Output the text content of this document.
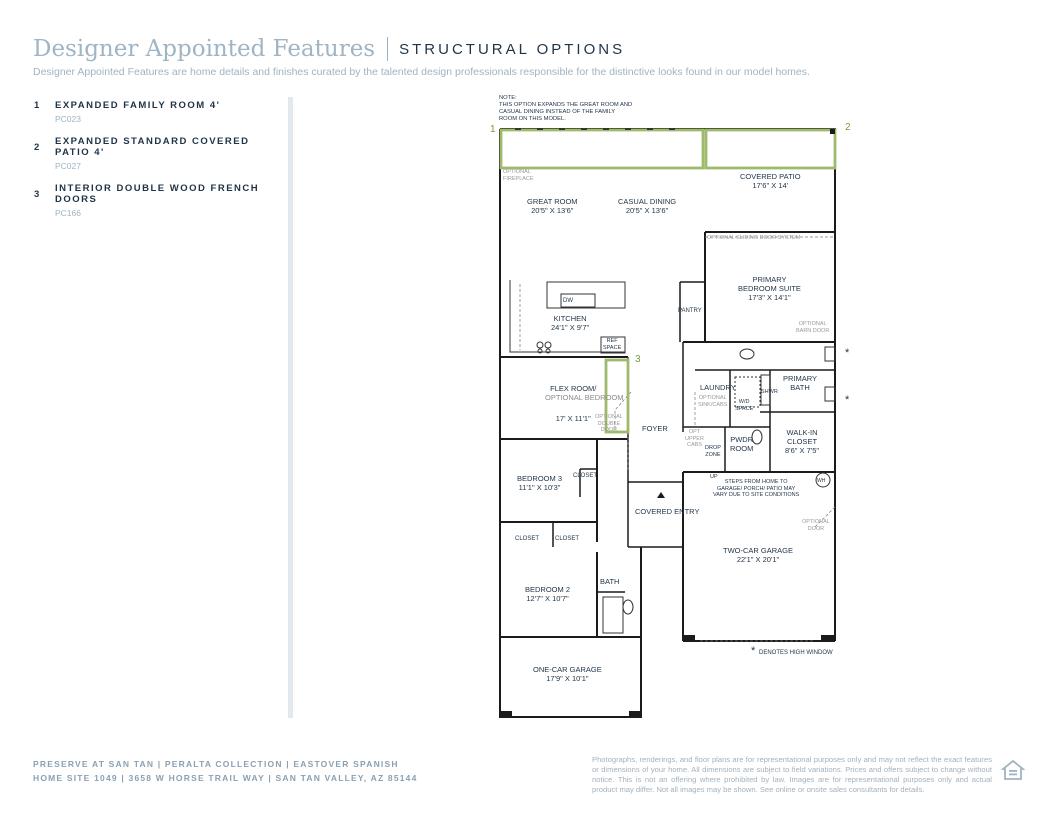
Designer Appointed Features STRUCTURAL OPTIONS
Designer Appointed Features are home details and finishes curated by the talented design professionals responsible for the distinctive looks found in our model homes.
1 EXPANDED FAMILY ROOM 4'
PC023
2
EXPANDED STANDARD COVERED PATIO 4'
PC027
3
INTERIOR DOUBLE WOOD FRENCH DOORS
PC166
NOTE:
THIS OPTION EXPANDS THE GREAT ROOM AND
CASUAL DINING INSTEAD OF THE FAMILY
ROOM ON THIS MODEL.
1	2
3
OPTIONAL
FIREPLACE
GREAT ROOM
20'5" X 13'6"
CASUAL DINING
20'5" X 13'6"
COVERED PATIO
17'6" X 14'
OPTIONAL SLIDING DOOR SYSTEM
PRIMARY
BEDROOM SUITE
17'3" X 14'1"
OPTIONAL
BARN DOOR
PANTRY
DW
KITCHEN
24'1" X 9'7"
REF
SPACE
FLEX ROOM/
OPTIONAL BEDROOM
17' X 11'1" OPTIONAL
DOUBLE
DOOR	FOYER
BEDROOM 3
11'1" X 10'3"
CLOSET
CLOSET	CLOSET
COVERED ENTRY
BEDROOM 2
12'7" X 10'7"
BATH
ONE-CAR GARAGE
17'9" X 10'1"
LAUNDRY
OPTIONAL
SINK/CABS	W/D
SPACE
SHWR
PRIMARY
BATH
OPT
UPPER
CABS
PWDR
ROOM
DROP
ZONE
UP
WALK-IN
CLOSET
8'6" X 7'5"
STEPS FROM HOME TO
GARAGE/ PORCH/ PATIO MAY
VARY DUE TO SITE CONDITIONS
WH
OPTIONAL
DOOR
TWO-CAR GARAGE
22'1" X 20'1"
*
*
* DENOTES HIGH WINDOW
PRESERVE AT SAN TAN | PERALTA COLLECTION | EASTOVER SPANISH
HOME SITE 1049 | 3658 W HORSE TRAIL WAY | SAN TAN VALLEY, AZ 85144
Photographs, renderings, and floor plans are for representational purposes only and may not reflect the exact features or dimensions of your home. All dimensions are subject to field variations. Prices and offers subject to change without notice. This is not an offering where prohibited by law. Images are for representational purposes only and actual product may differ. Not all images may be shown. See online or onsite sales consultants for details.
